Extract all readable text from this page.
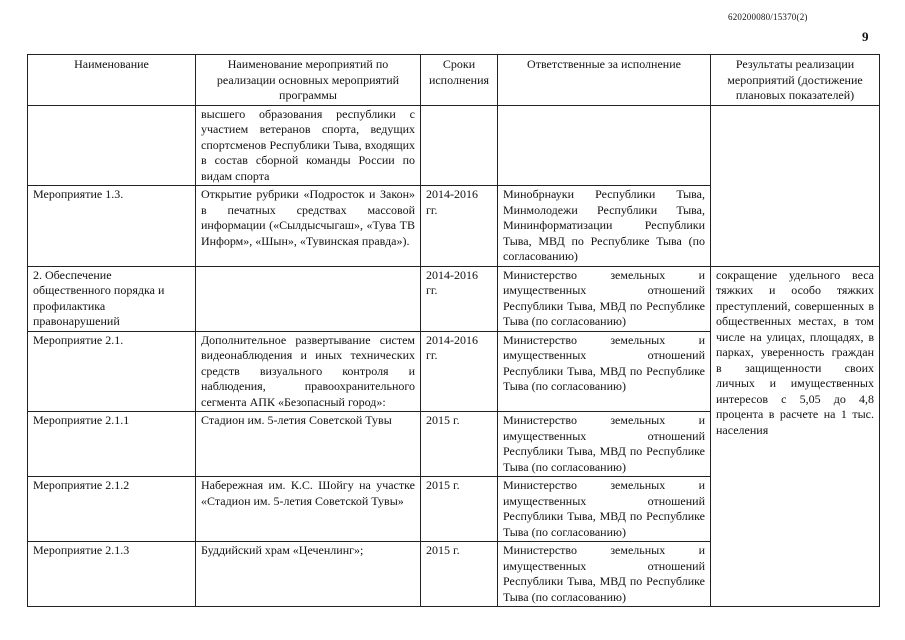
620200080/15370(2)
9
Наименование	Наименование мероприятий по реализации основных мероприятий программы	Сроки исполнения	Ответственные за исполнение	Результаты реализации мероприятий (достижение плановых показателей)
	высшего образования республики с участием ветеранов спорта, ведущих спортсменов Республики Тыва, входящих в состав сборной команды России по видам спорта			
Мероприятие 1.3.	Открытие рубрики «Подросток и Закон» в печатных средствах массовой информации («Сылдысчыгаш», «Тува ТВ Информ», «Шын», «Тувинская правда»).	2014-2016 гг.	Минобрнауки Республики Тыва, Минмолодежи Республики Тыва, Мининформатизации Республики Тыва, МВД по Республике Тыва (по согласованию)	
2. Обеспечение общественного порядка и профилактика правонарушений		2014-2016 гг.	Министерство земельных и имущественных отношений Республики Тыва, МВД по Республике Тыва (по согласованию)	сокращение удельного веса тяжких и особо тяжких преступлений, совершенных в общественных местах, в том числе на улицах, площадях, в парках, уверенность граждан в защищенности своих личных и имущественных интересов с 5,05 до 4,8 процента в расчете на 1 тыс. населения
Мероприятие 2.1.	Дополнительное развертывание систем видеонаблюдения и иных технических средств визуального контроля и наблюдения, правоохранительного сегмента АПК «Безопасный город»:	2014-2016 гг.	Министерство земельных и имущественных отношений Республики Тыва, МВД по Республике Тыва (по согласованию)	
Мероприятие 2.1.1	Стадион им. 5-летия Советской Тувы	2015 г.	Министерство земельных и имущественных отношений Республики Тыва, МВД по Республике Тыва (по согласованию)	
Мероприятие 2.1.2	Набережная им. К.С. Шойгу на участке «Стадион им. 5-летия Советской Тувы»	2015 г.	Министерство земельных и имущественных отношений Республики Тыва, МВД по Республике Тыва (по согласованию)	
Мероприятие 2.1.3	Буддийский храм «Цеченлинг»;	2015 г.	Министерство земельных и имущественных отношений Республики Тыва, МВД по Республике Тыва (по согласованию)	
